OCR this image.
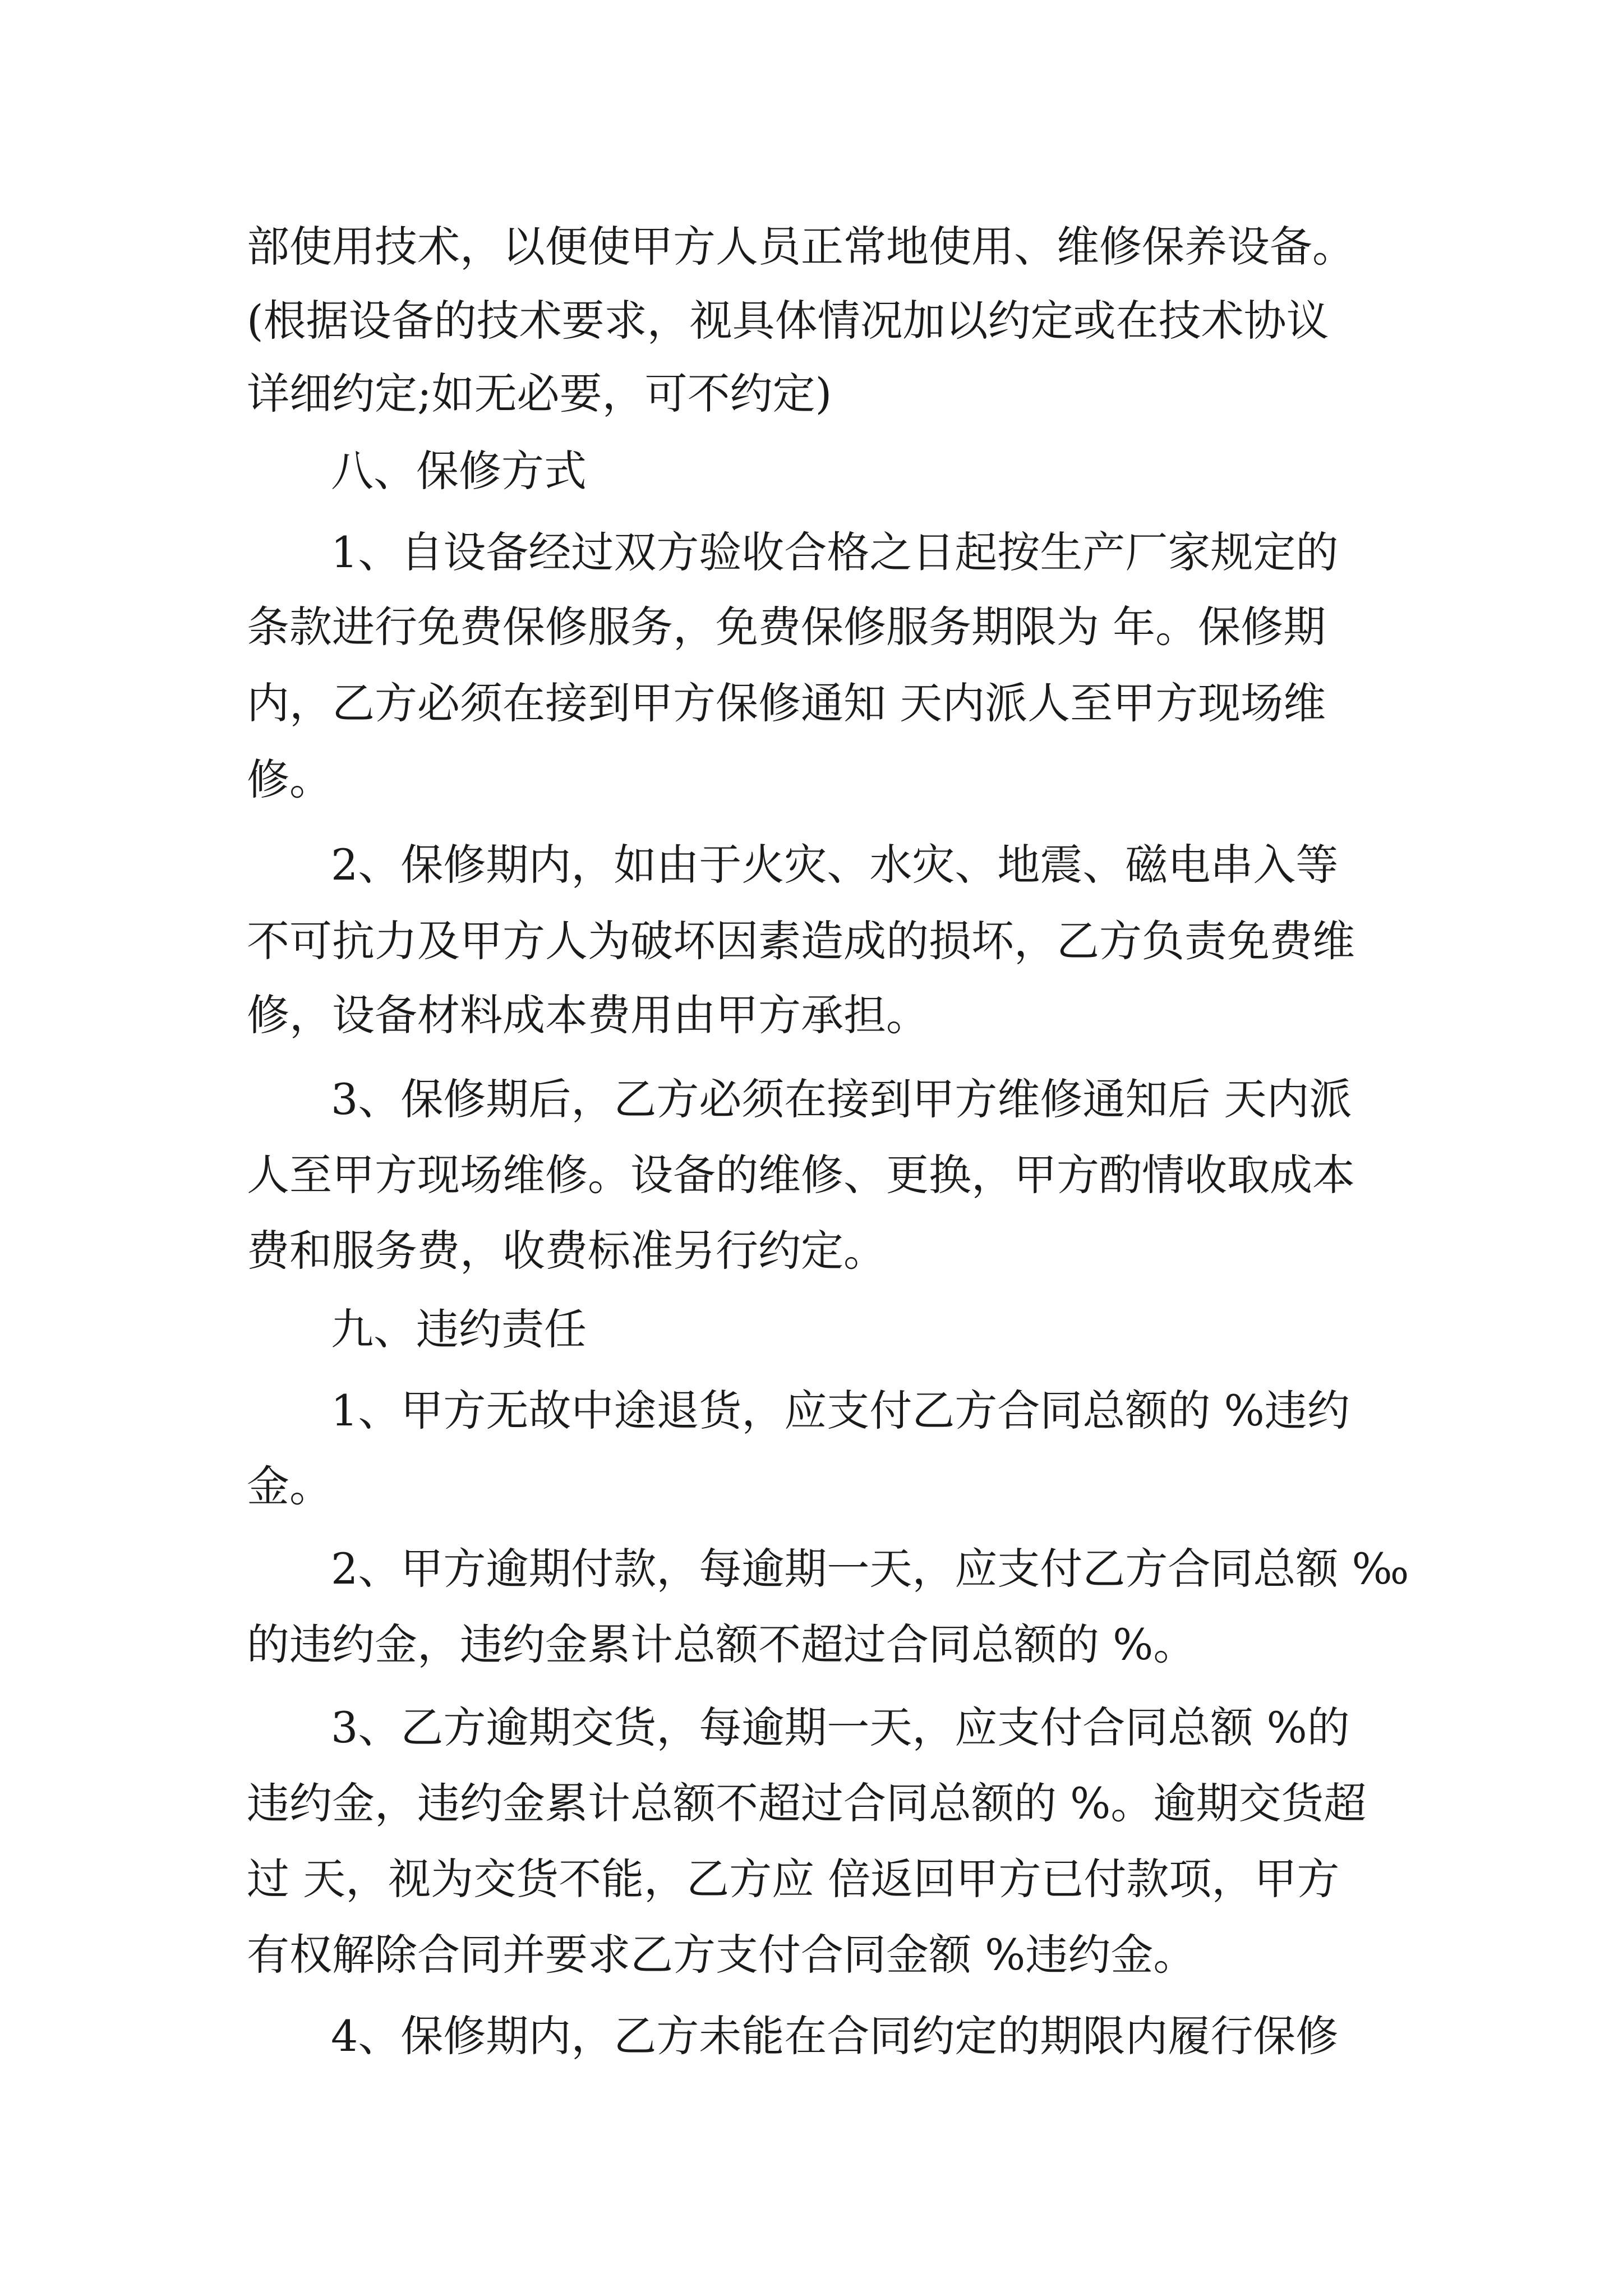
部使用技术，以便使甲方人员正常地使用、维修保养设备。
(根据设备的技术要求，视具体情况加以约定或在技术协议
详细约定;如无必要，可不约定)
八、保修方式
1、自设备经过双方验收合格之日起按生产厂家规定的
条款进行免费保修服务，免费保修服务期限为 年。保修期
内，乙方必须在接到甲方保修通知 天内派人至甲方现场维
修。
2、保修期内，如由于火灾、水灾、地震、磁电串入等
不可抗力及甲方人为破坏因素造成的损坏，乙方负责免费维
修，设备材料成本费用由甲方承担。
3、保修期后，乙方必须在接到甲方维修通知后 天内派
人至甲方现场维修。设备的维修、更换，甲方酌情收取成本
费和服务费，收费标准另行约定。
九、违约责任
1、甲方无故中途退货，应支付乙方合同总额的 %违约
金。
2、甲方逾期付款，每逾期一天，应支付乙方合同总额 ‰
的违约金，违约金累计总额不超过合同总额的 %。
3、乙方逾期交货，每逾期一天，应支付合同总额 %的
违约金，违约金累计总额不超过合同总额的 %。逾期交货超
过 天，视为交货不能，乙方应 倍返回甲方已付款项，甲方
有权解除合同并要求乙方支付合同金额 %违约金。
4、保修期内，乙方未能在合同约定的期限内履行保修
